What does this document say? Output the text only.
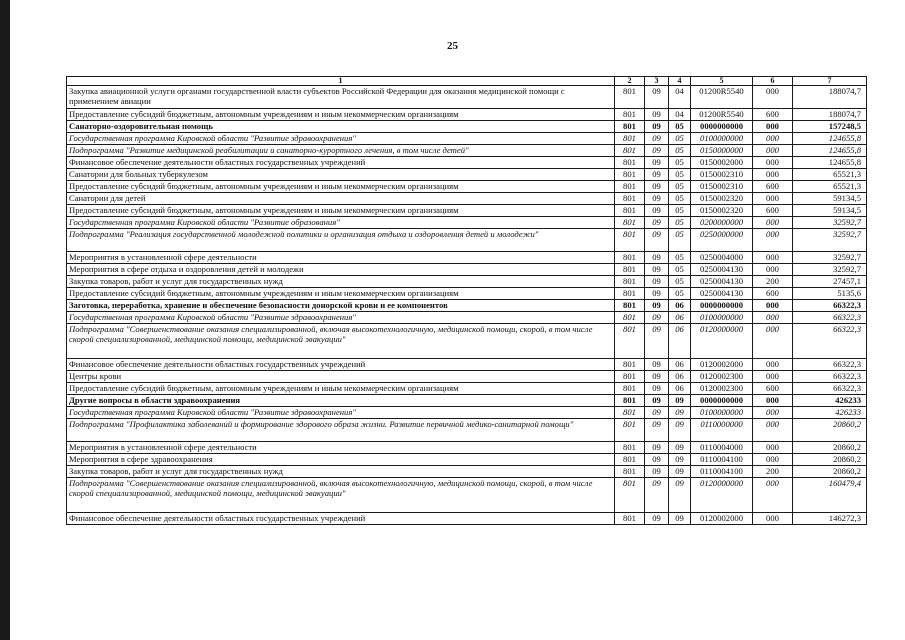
25
1	2	3	4	5	6	7
Закупка авиационной услуги органами государственной власти субъектов Российской Федерации для оказания медицинской помощи с применением авиации	801	09	04	01200R5540	000	188074,7
Предоставление субсидий бюджетным, автономным учреждениям и иным некоммерческим организациям	801	09	04	01200R5540	600	188074,7
Санаторно-оздоровительная помощь	801	09	05	0000000000	000	157248,5
Государственная программа Кировской области "Развитие здравоохранения"	801	09	05	0100000000	000	124655,8
Подпрограмма "Развитие медицинской реабилитации и санаторно-курортного лечения, в том числе детей"	801	09	05	0150000000	000	124655,8
Финансовое обеспечение деятельности областных государственных учреждений	801	09	05	0150002000	000	124655,8
Санатории для больных туберкулезом	801	09	05	0150002310	000	65521,3
Предоставление субсидий бюджетным, автономным учреждениям и иным некоммерческим организациям	801	09	05	0150002310	600	65521,3
Санатории для детей	801	09	05	0150002320	000	59134,5
Предоставление субсидий бюджетным, автономным учреждениям и иным некоммерческим организациям	801	09	05	0150002320	600	59134,5
Государственная программа Кировской области "Развитие образования"	801	09	05	0200000000	000	32592,7
Подпрограмма "Реализация государственной молодежной политики и организация отдыха и оздоровления детей и молодежи"	801	09	05	0250000000	000	32592,7
Мероприятия в установленной сфере деятельности	801	09	05	0250004000	000	32592,7
Мероприятия в сфере отдыха и оздоровления детей и молодежи	801	09	05	0250004130	000	32592,7
Закупка товаров, работ и услуг для государственных нужд	801	09	05	0250004130	200	27457,1
Предоставление субсидий бюджетным, автономным учреждениям и иным некоммерческим организациям	801	09	05	0250004130	600	5135,6
Заготовка, переработка, хранение и обеспечение безопасности донорской крови и ее компонентов	801	09	06	0000000000	000	66322,3
Государственная программа Кировской области "Развитие здравоохранения"	801	09	06	0100000000	000	66322,3
Подпрограмма "Совершенствование оказания специализированной, включая высокотехнологичную, медицинской помощи, скорой, в том числе скорой специализированной, медицинской помощи, медицинской эвакуации"	801	09	06	0120000000	000	66322,3
Финансовое обеспечение деятельности областных государственных учреждений	801	09	06	0120002000	000	66322,3
Центры крови	801	09	06	0120002300	000	66322,3
Предоставление субсидий бюджетным, автономным учреждениям и иным некоммерческим организациям	801	09	06	0120002300	600	66322,3
Другие вопросы в области здравоохранения	801	09	09	0000000000	000	426233
Государственная программа Кировской области "Развитие здравоохранения"	801	09	09	0100000000	000	426233
Подпрограмма "Профилактика заболеваний и формирование здорового образа жизни. Развитие первичной медико-санитарной помощи"	801	09	09	0110000000	000	20860,2
Мероприятия в установленной сфере деятельности	801	09	09	0110004000	000	20860,2
Мероприятия в сфере здравоохранения	801	09	09	0110004100	000	20860,2
Закупка товаров, работ и услуг для государственных нужд	801	09	09	0110004100	200	20860,2
Подпрограмма "Совершенствование оказания специализированной, включая высокотехнологичную, медицинской помощи, скорой, в том числе скорой специализированной, медицинской помощи, медицинской эвакуации"	801	09	09	0120000000	000	160479,4
Финансовое обеспечение деятельности областных государственных учреждений	801	09	09	0120002000	000	146272,3
